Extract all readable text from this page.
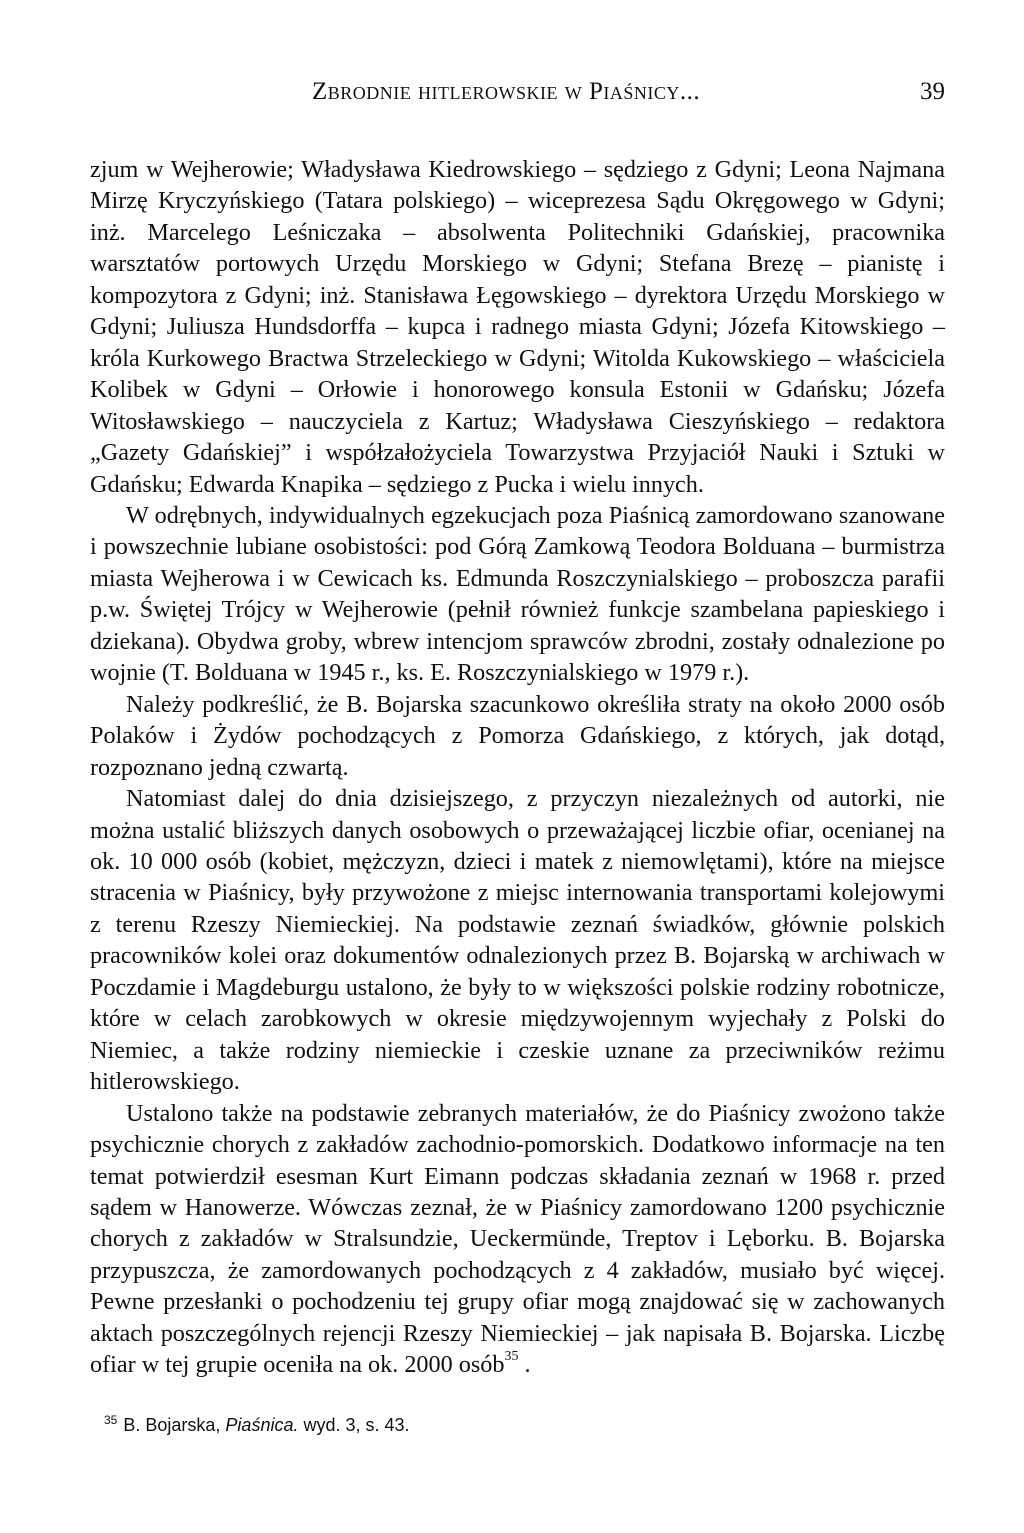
Zbrodnie hitlerowskie w Piaśnicy...	39

zjum w Wejherowie; Władysława Kiedrowskiego – sędziego z Gdyni; Leona Najmana Mirzę Kryczyńskiego (Tatara polskiego) – wiceprezesa Sądu Okręgowego w Gdyni; inż. Marcelego Leśniczaka – absolwenta Politechniki Gdańskiej, pracownika warsztatów portowych Urzędu Morskiego w Gdyni; Stefana Brezę – pianistę i kompozytora z Gdyni; inż. Stanisława Łęgowskiego – dyrektora Urzędu Morskiego w Gdyni; Juliusza Hundsdorffa – kupca i radnego miasta Gdyni; Józefa Kitowskiego – króla Kurkowego Bractwa Strzeleckiego w Gdyni; Witolda Kukowskiego – właściciela Kolibek w Gdyni – Orłowie i honorowego konsula Estonii w Gdańsku; Józefa Witosławskiego – nauczyciela z Kartuz; Władysława Cieszyńskiego – redaktora „Gazety Gdańskiej” i współzałożyciela Towarzystwa Przyjaciół Nauki i Sztuki w Gdańsku; Edwarda Knapika – sędziego z Pucka i wielu innych.

W odrębnych, indywidualnych egzekucjach poza Piaśnicą zamordowano szanowane i powszechnie lubiane osobistości: pod Górą Zamkową Teodora Bolduana – burmistrza miasta Wejherowa i w Cewicach ks. Edmunda Roszczynialskiego – proboszcza parafii p.w. Świętej Trójcy w Wejherowie (pełnił również funkcje szambelana papieskiego i dziekana). Obydwa groby, wbrew intencjom sprawców zbrodni, zostały odnalezione po wojnie (T. Bolduana w 1945 r., ks. E. Roszczynialskiego w 1979 r.).

Należy podkreślić, że B. Bojarska szacunkowo określiła straty na około 2000 osób Polaków i Żydów pochodzących z Pomorza Gdańskiego, z których, jak dotąd, rozpoznano jedną czwartą.

Natomiast dalej do dnia dzisiejszego, z przyczyn niezależnych od autorki, nie można ustalić bliższych danych osobowych o przeważającej liczbie ofiar, ocenianej na ok. 10 000 osób (kobiet, mężczyzn, dzieci i matek z niemowlętami), które na miejsce stracenia w Piaśnicy, były przywożone z miejsc internowania transportami kolejowymi z terenu Rzeszy Niemieckiej. Na podstawie zeznań świadków, głównie polskich pracowników kolei oraz dokumentów odnalezionych przez B. Bojarską w archiwach w Poczdamie i Magdeburgu ustalono, że były to w większości polskie rodziny robotnicze, które w celach zarobkowych w okresie międzywojennym wyjechały z Polski do Niemiec, a także rodziny niemieckie i czeskie uznane za przeciwników reżimu hitlerowskiego.

Ustalono także na podstawie zebranych materiałów, że do Piaśnicy zwożono także psychicznie chorych z zakładów zachodnio-pomorskich. Dodatkowo informacje na ten temat potwierdził esesman Kurt Eimann podczas składania zeznań w 1968 r. przed sądem w Hanowerze. Wówczas zeznał, że w Piaśnicy zamordowano 1200 psychicznie chorych z zakładów w Stralsundzie, Ueckermünde, Treptov i Lęborku. B. Bojarska przypuszcza, że zamordowanych pochodzących z 4 zakładów, musiało być więcej. Pewne przesłanki o pochodzeniu tej grupy ofiar mogą znajdować się w zachowanych aktach poszczególnych rejencji Rzeszy Niemieckiej – jak napisała B. Bojarska. Liczbę ofiar w tej grupie oceniła na ok. 2000 osób$^{35}$ .

$^{35}$ B. Bojarska, Piaśnica. wyd. 3, s. 43.
